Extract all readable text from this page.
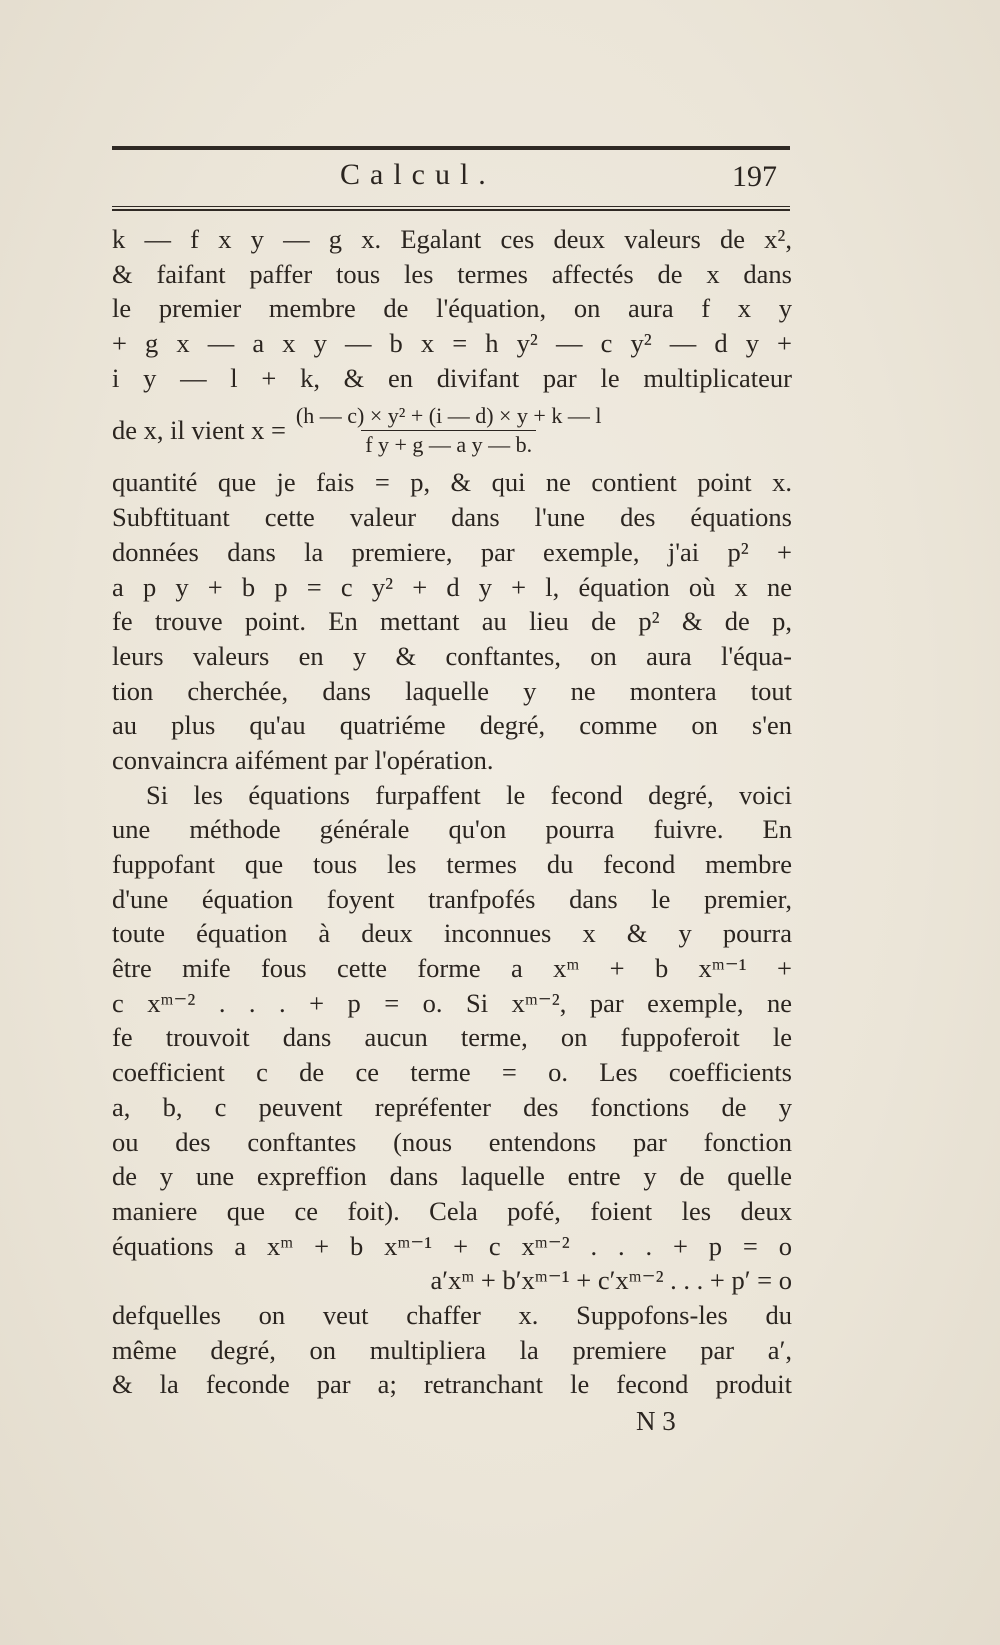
Calcul.	197
k — f x y — g x. Egalant ces deux valeurs de x²,
& faifant paffer tous les termes affectés de x dans
le premier membre de l'équation, on aura f x y
+ g x — a x y — b x = h y² — c y² — d y +
i y — l + k, & en divifant par le multiplicateur
de x, il vient $x = \frac{\text{(h — c) × y² + (i — d) × y + k — l}}{\text{f y + g — a y — b.}}$
quantité que je fais = p, & qui ne contient point x.
Subftituant cette valeur dans l'une des équations
données dans la premiere, par exemple, j'ai p² +
a p y + b p = c y² + d y + l, équation où x ne
fe trouve point. En mettant au lieu de p² & de p,
leurs valeurs en y & conftantes, on aura l'équa-
tion cherchée, dans laquelle y ne montera tout
au plus qu'au quatriéme degré, comme on s'en
convaincra aifément par l'opération.
Si les équations furpaffent le fecond degré, voici
une méthode générale qu'on pourra fuivre. En
fuppofant que tous les termes du fecond membre
d'une équation foyent tranfpofés dans le premier,
toute équation à deux inconnues x & y pourra
être mife fous cette forme a xᵐ + b xᵐ⁻¹ +
c xᵐ⁻² . . . + p = o. Si xᵐ⁻², par exemple, ne
fe trouvoit dans aucun terme, on fuppoferoit le
coefficient c de ce terme = o. Les coefficients
a, b, c peuvent repréfenter des fonctions de y
ou des conftantes (nous entendons par fonction
de y une expreffion dans laquelle entre y de quelle
maniere que ce foit). Cela pofé, foient les deux
équations a xᵐ + b xᵐ⁻¹ + c xᵐ⁻² . . . + p = o
a′xᵐ + b′xᵐ⁻¹ + c′xᵐ⁻² . . . + p′ = o
defquelles on veut chaffer x. Suppofons-les du
même degré, on multipliera la premiere par a′,
& la feconde par a; retranchant le fecond produit
N 3
